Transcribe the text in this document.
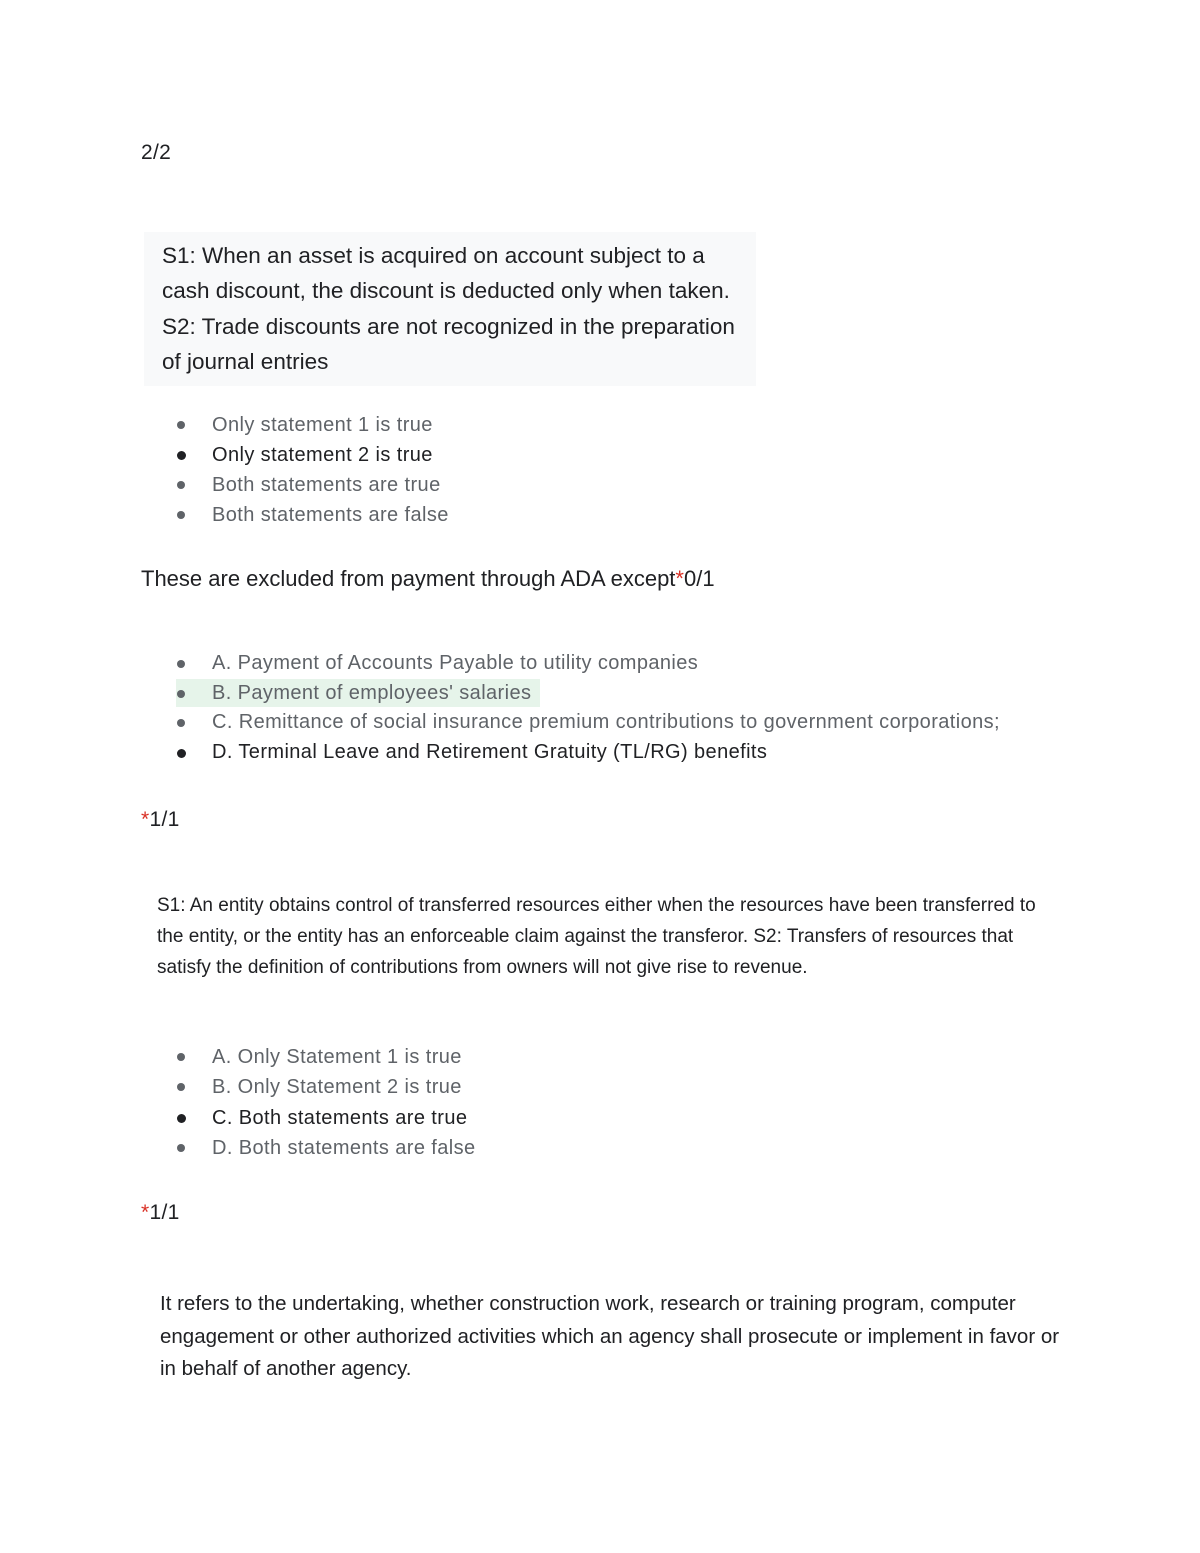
2/2
S1: When an asset is acquired on account subject to a cash discount, the discount is deducted only when taken. S2: Trade discounts are not recognized in the preparation of journal entries
Only statement 1 is true
Only statement 2 is true
Both statements are true
Both statements are false
These are excluded from payment through ADA except*0/1
A. Payment of Accounts Payable to utility companies
B. Payment of employees' salaries
C. Remittance of social insurance premium contributions to government corporations;
D. Terminal Leave and Retirement Gratuity (TL/RG) benefits
*1/1
S1: An entity obtains control of transferred resources either when the resources have been transferred to the entity, or the entity has an enforceable claim against the transferor. S2: Transfers of resources that satisfy the definition of contributions from owners will not give rise to revenue.
A. Only Statement 1 is true
B. Only Statement 2 is true
C. Both statements are true
D. Both statements are false
*1/1
It refers to the undertaking, whether construction work, research or training program, computer engagement or other authorized activities which an agency shall prosecute or implement in favor or in behalf of another agency.
